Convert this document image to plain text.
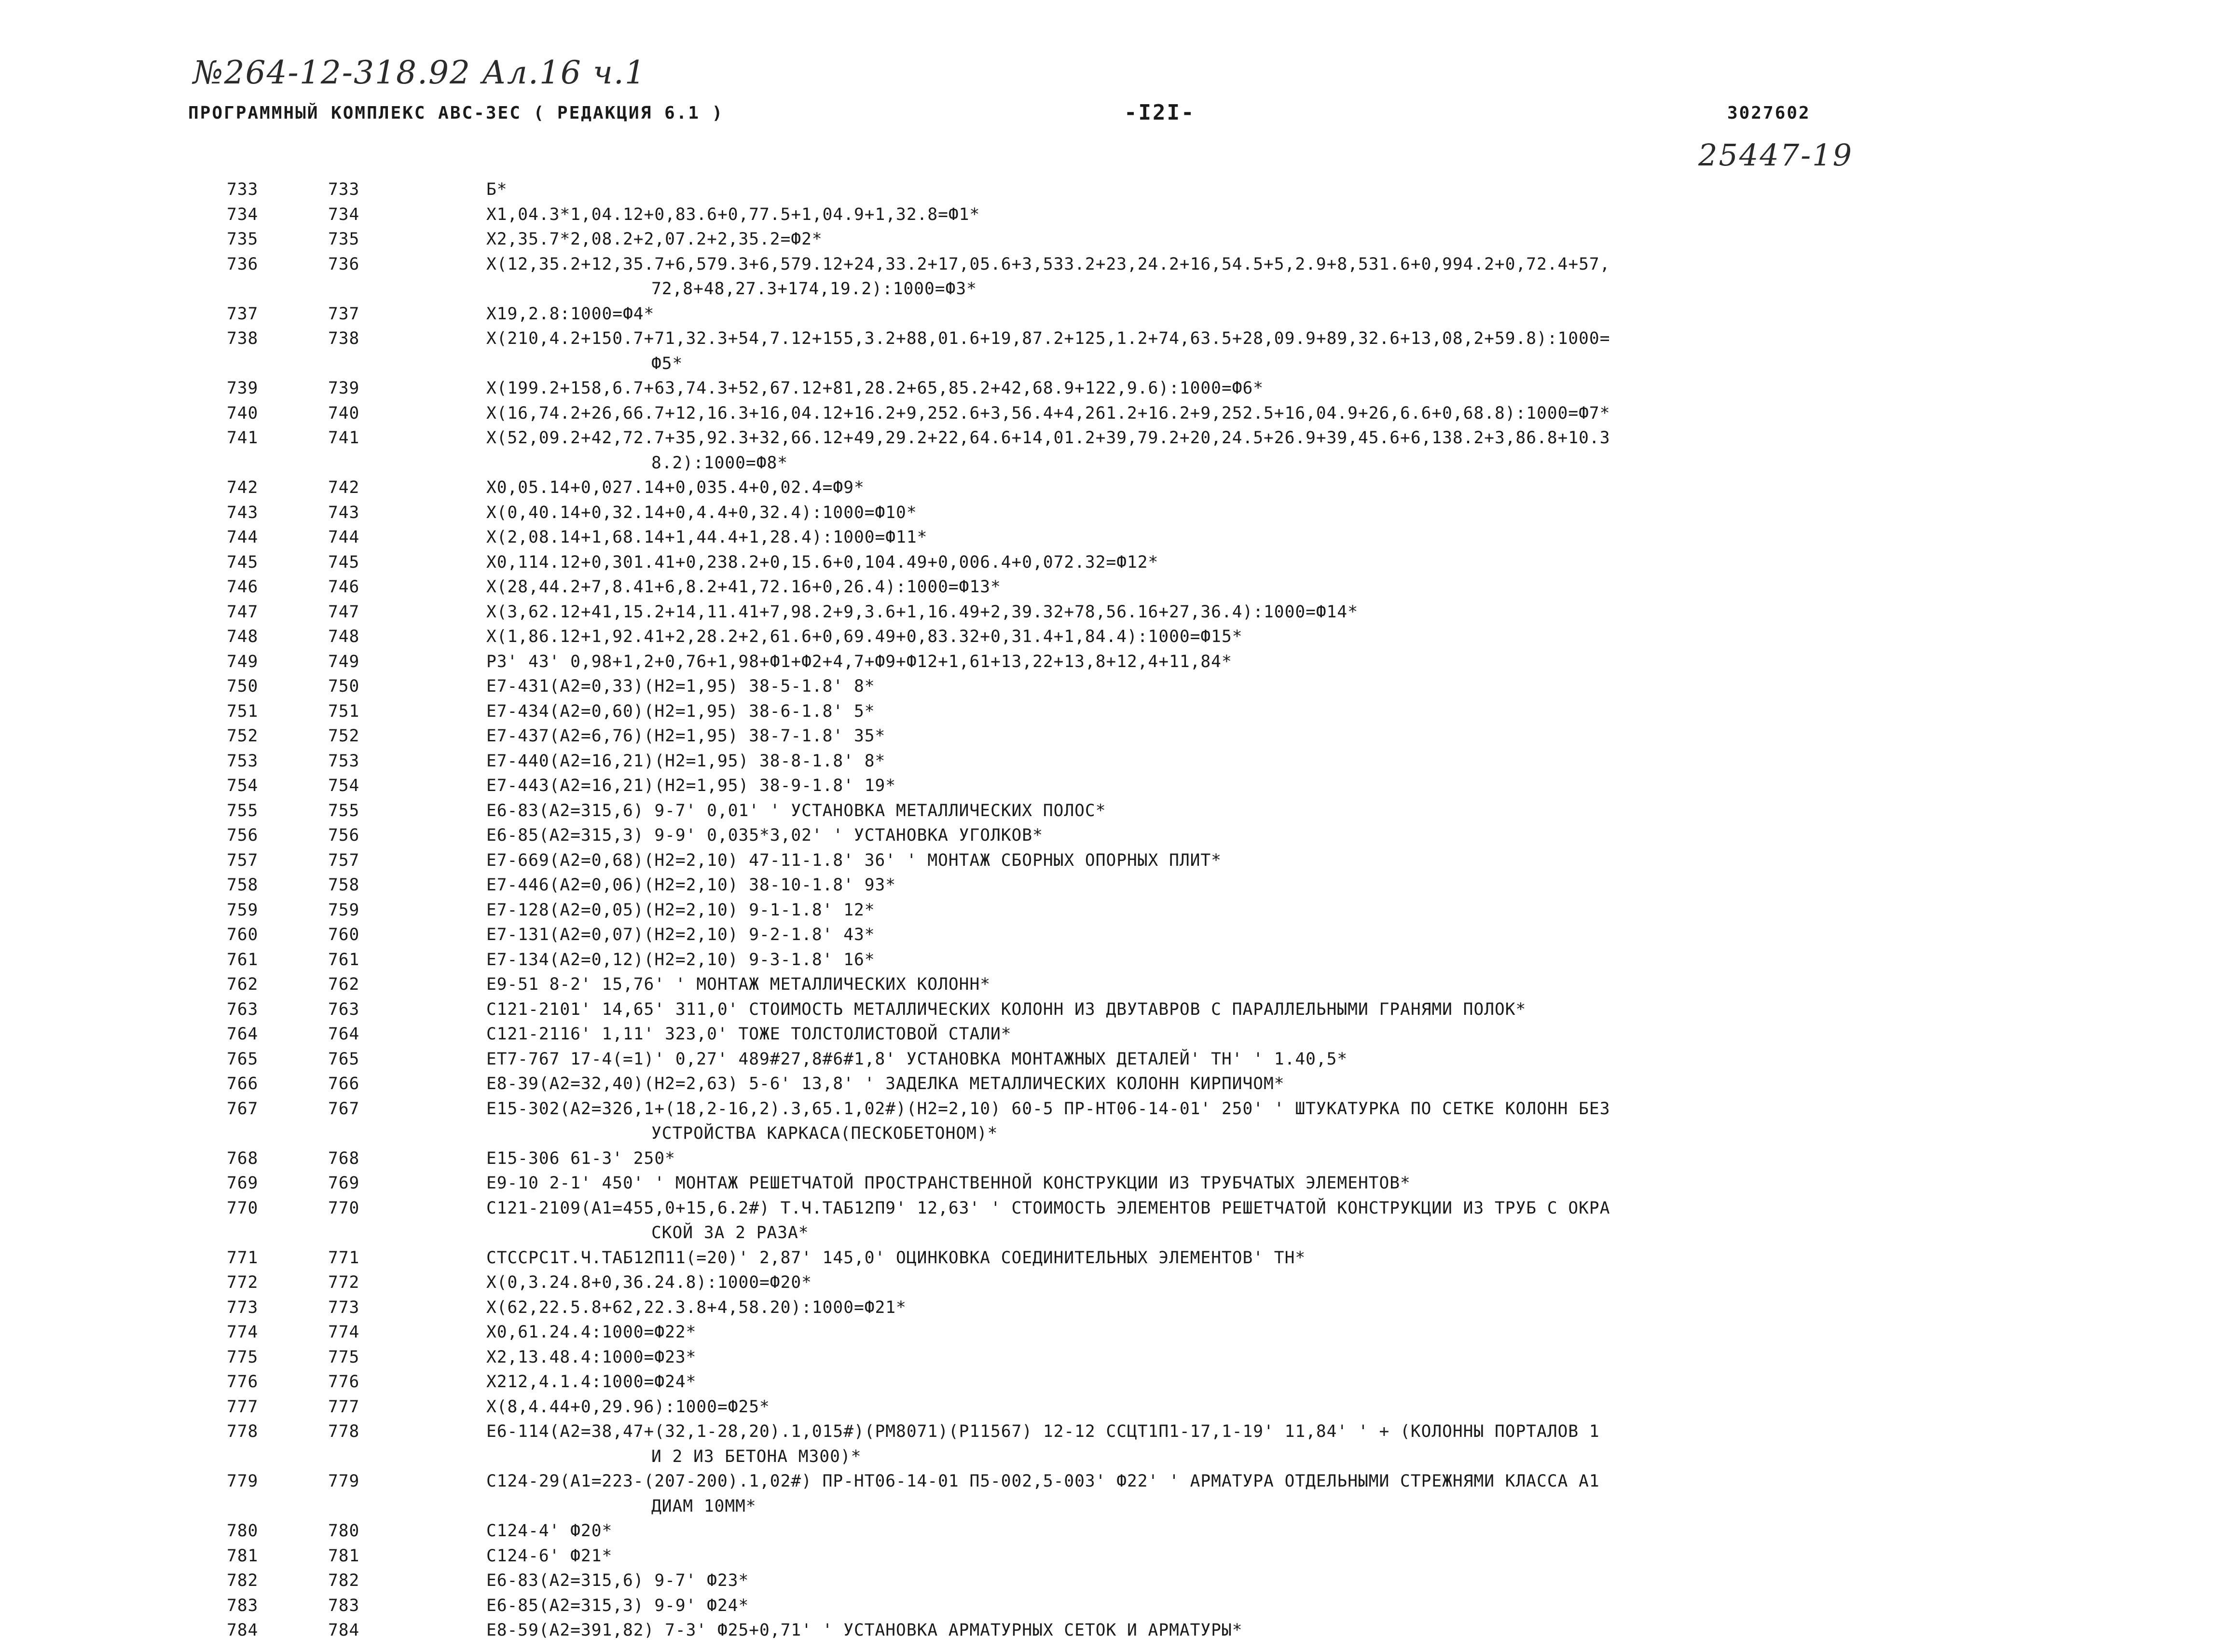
№264-12-318.92 Ал.16 ч.1
25447-19
ПРОГРАММНЫЙ КОМПЛЕКС АВС-ЗЕС ( РЕДАКЦИЯ 6.1 )	-I2I-	3027602
733	733	Б*
734	734	Х1,04.3*1,04.12+0,83.6+0,77.5+1,04.9+1,32.8=Ф1*
735	735	Х2,35.7*2,08.2+2,07.2+2,35.2=Ф2*
736	736	Х(12,35.2+12,35.7+6,579.3+6,579.12+24,33.2+17,05.6+3,533.2+23,24.2+16,54.5+5,2.9+8,531.6+0,994.2+0,72.4+57,
72,8+48,27.3+174,19.2):1000=Ф3*
737	737	Х19,2.8:1000=Ф4*
738	738	Х(210,4.2+150.7+71,32.3+54,7.12+155,3.2+88,01.6+19,87.2+125,1.2+74,63.5+28,09.9+89,32.6+13,08,2+59.8):1000=
Ф5*
739	739	Х(199.2+158,6.7+63,74.3+52,67.12+81,28.2+65,85.2+42,68.9+122,9.6):1000=Ф6*
740	740	Х(16,74.2+26,66.7+12,16.3+16,04.12+16.2+9,252.6+3,56.4+4,261.2+16.2+9,252.5+16,04.9+26,6.6+0,68.8):1000=Ф7*
741	741	Х(52,09.2+42,72.7+35,92.3+32,66.12+49,29.2+22,64.6+14,01.2+39,79.2+20,24.5+26.9+39,45.6+6,138.2+3,86.8+10.3
8.2):1000=Ф8*
742	742	Х0,05.14+0,027.14+0,035.4+0,02.4=Ф9*
743	743	Х(0,40.14+0,32.14+0,4.4+0,32.4):1000=Ф10*
744	744	Х(2,08.14+1,68.14+1,44.4+1,28.4):1000=Ф11*
745	745	Х0,114.12+0,301.41+0,238.2+0,15.6+0,104.49+0,006.4+0,072.32=Ф12*
746	746	Х(28,44.2+7,8.41+6,8.2+41,72.16+0,26.4):1000=Ф13*
747	747	Х(3,62.12+41,15.2+14,11.41+7,98.2+9,3.6+1,16.49+2,39.32+78,56.16+27,36.4):1000=Ф14*
748	748	Х(1,86.12+1,92.41+2,28.2+2,61.6+0,69.49+0,83.32+0,31.4+1,84.4):1000=Ф15*
749	749	РЗ' 43' 0,98+1,2+0,76+1,98+Ф1+Ф2+4,7+Ф9+Ф12+1,61+13,22+13,8+12,4+11,84*
750	750	Е7-431(А2=0,33)(Н2=1,95) 38-5-1.8' 8*
751	751	Е7-434(А2=0,60)(Н2=1,95) 38-6-1.8' 5*
752	752	Е7-437(А2=6,76)(Н2=1,95) 38-7-1.8' 35*
753	753	Е7-440(А2=16,21)(Н2=1,95) 38-8-1.8' 8*
754	754	Е7-443(А2=16,21)(Н2=1,95) 38-9-1.8' 19*
755	755	Е6-83(А2=315,6) 9-7' 0,01' ' УСТАНОВКА МЕТАЛЛИЧЕСКИХ ПОЛОС*
756	756	Е6-85(А2=315,3) 9-9' 0,035*3,02' ' УСТАНОВКА УГОЛКОВ*
757	757	Е7-669(А2=0,68)(Н2=2,10) 47-11-1.8' 36' ' МОНТАЖ СБОРНЫХ ОПОРНЫХ ПЛИТ*
758	758	Е7-446(А2=0,06)(Н2=2,10) 38-10-1.8' 93*
759	759	Е7-128(А2=0,05)(Н2=2,10) 9-1-1.8' 12*
760	760	Е7-131(А2=0,07)(Н2=2,10) 9-2-1.8' 43*
761	761	Е7-134(А2=0,12)(Н2=2,10) 9-3-1.8' 16*
762	762	Е9-51 8-2' 15,76' ' МОНТАЖ МЕТАЛЛИЧЕСКИХ КОЛОНН*
763	763	С121-2101' 14,65' 311,0' СТОИМОСТЬ МЕТАЛЛИЧЕСКИХ КОЛОНН ИЗ ДВУТАВРОВ С ПАРАЛЛЕЛЬНЫМИ ГРАНЯМИ ПОЛОК*
764	764	С121-2116' 1,11' 323,0' ТОЖЕ ТОЛСТОЛИСТОВОЙ СТАЛИ*
765	765	ЕТ7-767 17-4(=1)' 0,27' 489#27,8#6#1,8' УСТАНОВКА МОНТАЖНЫХ ДЕТАЛЕЙ' ТН' ' 1.40,5*
766	766	Е8-39(А2=32,40)(Н2=2,63) 5-6' 13,8' ' ЗАДЕЛКА МЕТАЛЛИЧЕСКИХ КОЛОНН КИРПИЧОМ*
767	767	Е15-302(А2=326,1+(18,2-16,2).3,65.1,02#)(Н2=2,10) 60-5 ПР-НТ06-14-01' 250' ' ШТУКАТУРКА ПО СЕТКЕ КОЛОНН БЕЗ
УСТРОЙСТВА КАРКАСА(ПЕСКОБЕТОНОМ)*
768	768	Е15-306 61-3' 250*
769	769	Е9-10 2-1' 450' ' МОНТАЖ РЕШЕТЧАТОЙ ПРОСТРАНСТВЕННОЙ КОНСТРУКЦИИ ИЗ ТРУБЧАТЫХ ЭЛЕМЕНТОВ*
770	770	С121-2109(А1=455,0+15,6.2#) Т.Ч.ТАБ12П9' 12,63' ' СТОИМОСТЬ ЭЛЕМЕНТОВ РЕШЕТЧАТОЙ КОНСТРУКЦИИ ИЗ ТРУБ С ОКРА
СКОЙ ЗА 2 РАЗА*
771	771	СТССРС1Т.Ч.ТАБ12П11(=20)' 2,87' 145,0' ОЦИНКОВКА СОЕДИНИТЕЛЬНЫХ ЭЛЕМЕНТОВ' ТН*
772	772	Х(0,3.24.8+0,36.24.8):1000=Ф20*
773	773	Х(62,22.5.8+62,22.3.8+4,58.20):1000=Ф21*
774	774	Х0,61.24.4:1000=Ф22*
775	775	Х2,13.48.4:1000=Ф23*
776	776	Х212,4.1.4:1000=Ф24*
777	777	Х(8,4.44+0,29.96):1000=Ф25*
778	778	Е6-114(А2=38,47+(32,1-28,20).1,015#)(РМ8071)(Р11567) 12-12 ССЦТ1П1-17,1-19' 11,84' ' + (КОЛОННЫ ПОРТАЛОВ 1
И 2 ИЗ БЕТОНА М300)*
779	779	С124-29(А1=223-(207-200).1,02#) ПР-НТ06-14-01 П5-002,5-003' Ф22' ' АРМАТУРА ОТДЕЛЬНЫМИ СТРЕЖНЯМИ КЛАССА А1
ДИАМ 10ММ*
780	780	С124-4' Ф20*
781	781	С124-6' Ф21*
782	782	Е6-83(А2=315,6) 9-7' Ф23*
783	783	Е6-85(А2=315,3) 9-9' Ф24*
784	784	Е8-59(А2=391,82) 7-3' Ф25+0,71' ' УСТАНОВКА АРМАТУРНЫХ СЕТОК И АРМАТУРЫ*
